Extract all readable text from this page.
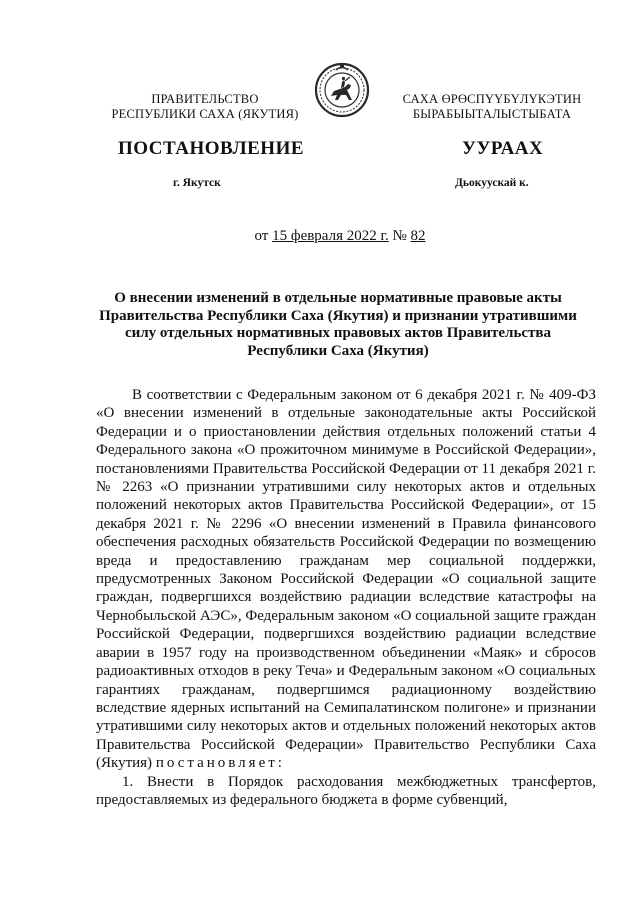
ПРАВИТЕЛЬСТВО
РЕСПУБЛИКИ САХА (ЯКУТИЯ)
САХА ӨРӨСПҮҮБҮЛҮКЭТИН
БЫРАБЫЫТАЛЫСТЫБАТА
ПОСТАНОВЛЕНИЕ	УУРААХ
г. Якутск	Дьокуускай к.
от 15 февраля 2022 г. № 82
О внесении изменений в отдельные нормативные правовые акты Правительства Республики Саха (Якутия) и признании утратившими силу отдельных нормативных правовых актов Правительства Республики Саха (Якутия)

В соответствии с Федеральным законом от 6 декабря 2021 г. № 409-ФЗ «О внесении изменений в отдельные законодательные акты Российской Федерации и о приостановлении действия отдельных положений статьи 4 Федерального закона «О прожиточном минимуме в Российской Федерации», постановлениями Правительства Российской Федерации от 11 декабря 2021 г. № 2263 «О признании утратившими силу некоторых актов и отдельных положений некоторых актов Правительства Российской Федерации», от 15 декабря 2021 г. № 2296 «О внесении изменений в Правила финансового обеспечения расходных обязательств Российской Федерации по возмещению вреда и предоставлению гражданам мер социальной поддержки, предусмотренных Законом Российской Федерации «О социальной защите граждан, подвергшихся воздействию радиации вследствие катастрофы на Чернобыльской АЭС», Федеральным законом «О социальной защите граждан Российской Федерации, подвергшихся воздействию радиации вследствие аварии в 1957 году на производственном объединении «Маяк» и сбросов радиоактивных отходов в реку Теча» и Федеральным законом «О социальных гарантиях гражданам, подвергшимся радиационному воздействию вследствие ядерных испытаний на Семипалатинском полигоне» и признании утратившими силу некоторых актов и отдельных положений некоторых актов Правительства Российской Федерации» Правительство Республики Саха (Якутия) постановляет:

1. Внести в Порядок расходования межбюджетных трансфертов, предоставляемых из федерального бюджета в форме субвенций,
